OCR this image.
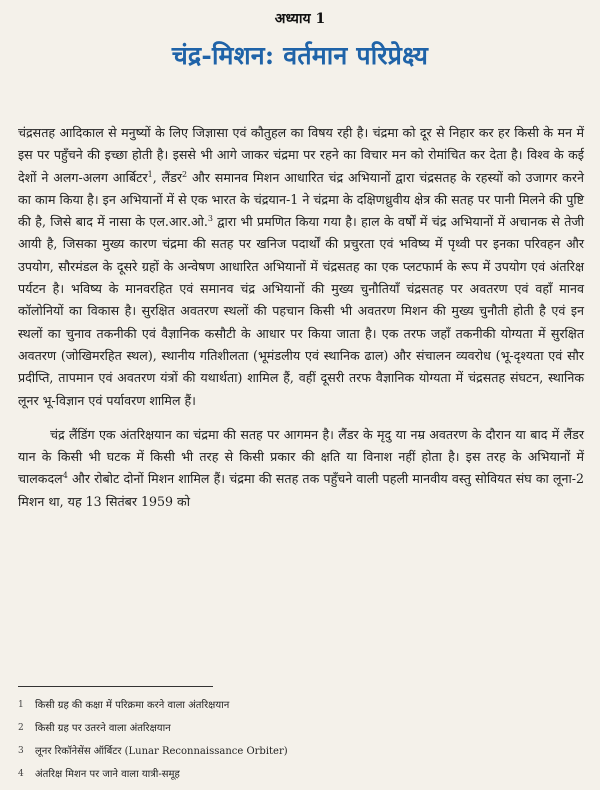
अध्याय 1
चंद्र-मिशन: वर्तमान परिप्रेक्ष्य

चंद्रसतह आदिकाल से मनुष्यों के लिए जिज्ञासा एवं कौतुहल का विषय रही है। चंद्रमा को दूर से निहार कर हर किसी के मन में इस पर पहुँचने की इच्छा होती है। इससे भी आगे जाकर चंद्रमा पर रहने का विचार मन को रोमांचित कर देता है। विश्व के कई देशों ने अलग-अलग आर्बिटर$^1$, लैंडर$^2$ और समानव मिशन आधारित चंद्र अभियानों द्वारा चंद्रसतह के रहस्यों को उजागर करने का काम किया है। इन अभियानों में से एक भारत के चंद्रयान-1 ने चंद्रमा के दक्षिणध्रुवीय क्षेत्र की सतह पर पानी मिलने की पुष्टि की है, जिसे बाद में नासा के एल.आर.ओ.$^3$ द्वारा भी प्रमणित किया गया है। हाल के वर्षों में चंद्र अभियानों में अचानक से तेजी आयी है, जिसका मुख्य कारण चंद्रमा की सतह पर खनिज पदार्थों की प्रचुरता एवं भविष्य में पृथ्वी पर इनका परिवहन और उपयोग, सौरमंडल के दूसरे ग्रहों के अन्वेषण आधारित अभियानों में चंद्रसतह का एक प्लटफार्म के रूप में उपयोग एवं अंतरिक्ष पर्यटन है। भविष्य के मानवरहित एवं समानव चंद्र अभियानों की मुख्य चुनौतियाँ चंद्रसतह पर अवतरण एवं वहाँ मानव कॉलोनियों का विकास है। सुरक्षित अवतरण स्थलों की पहचान किसी भी अवतरण मिशन की मुख्य चुनौती होती है एवं इन स्थलों का चुनाव तकनीकी एवं वैज्ञानिक कसौटी के आधार पर किया जाता है। एक तरफ जहाँ तकनीकी योग्यता में सुरक्षित अवतरण (जोखिमरहित स्थल), स्थानीय गतिशीलता (भूमंडलीय एवं स्थानिक ढाल) और संचालन व्यवरोध (भू-दृश्यता एवं सौर प्रदीप्ति, तापमान एवं अवतरण यंत्रों की यथार्थता) शामिल हैं, वहीं दूसरी तरफ वैज्ञानिक योग्यता में चंद्रसतह संघटन, स्थानिक लूनर भू-विज्ञान एवं पर्यावरण शामिल हैं।

चंद्र लैंडिंग एक अंतरिक्षयान का चंद्रमा की सतह पर आगमन है। लैंडर के मृदु या नम्र अवतरण के दौरान या बाद में लैंडर यान के किसी भी घटक में किसी भी तरह से किसी प्रकार की क्षति या विनाश नहीं होता है। इस तरह के अभियानों में चालकदल$^4$ और रोबोट दोनों मिशन शामिल हैं। चंद्रमा की सतह तक पहुँचने वाली पहली मानवीय वस्तु सोवियत संघ का लूना-2 मिशन था, यह 13 सितंबर 1959 को

1	किसी ग्रह की कक्षा में परिक्रमा करने वाला अंतरिक्षयान
2	किसी ग्रह पर उतरने वाला अंतरिक्षयान
3	लूनर रिकॉनेसेंस ऑर्बिटर (Lunar Reconnaissance Orbiter)
4	अंतरिक्ष मिशन पर जाने वाला यात्री-समूह
